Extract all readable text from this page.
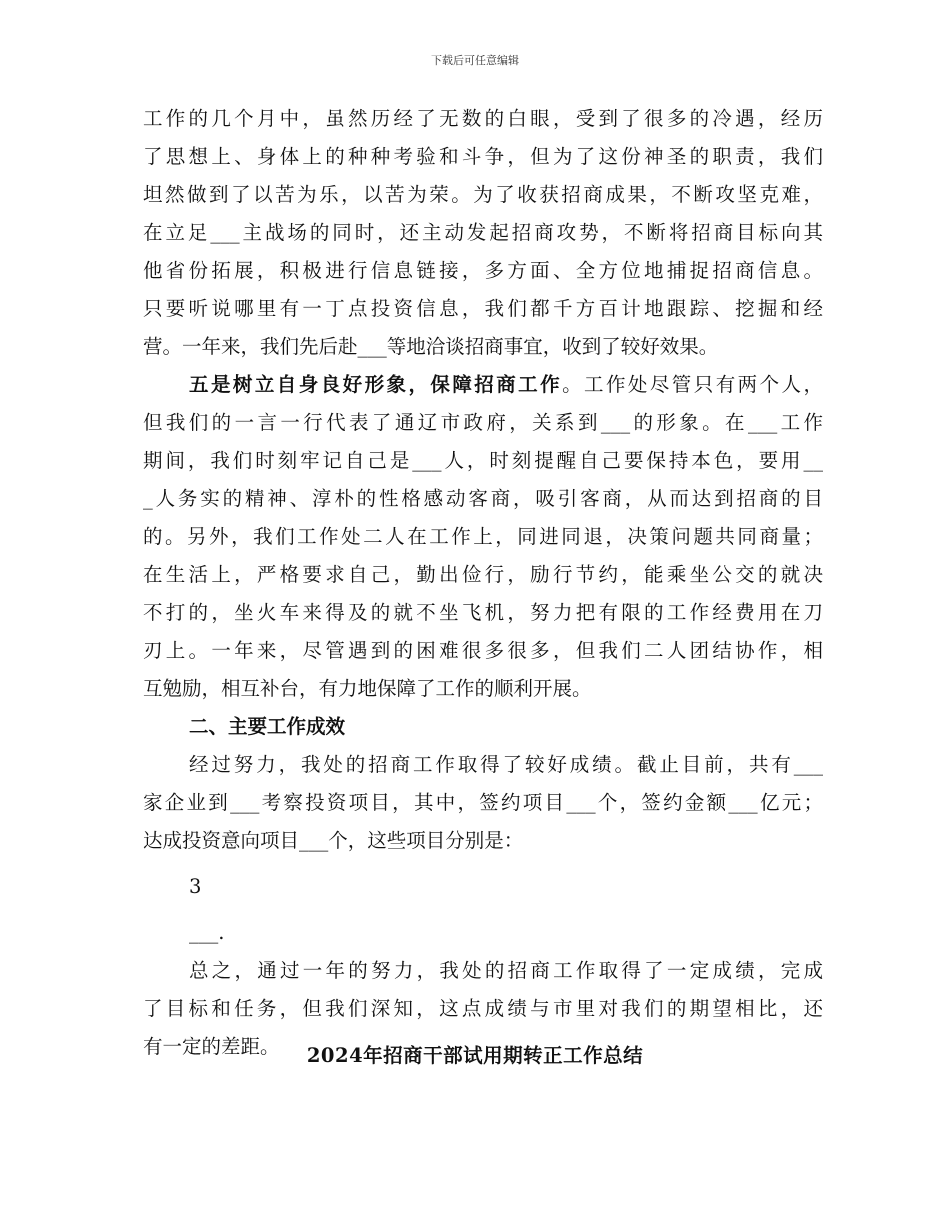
下载后可任意编辑
工作的几个月中，虽然历经了无数的白眼，受到了很多的冷遇，经历
了思想上、身体上的种种考验和斗争，但为了这份神圣的职责，我们
坦然做到了以苦为乐，以苦为荣。为了收获招商成果，不断攻坚克难，
在立足___主战场的同时，还主动发起招商攻势，不断将招商目标向其
他省份拓展，积极进行信息链接，多方面、全方位地捕捉招商信息。
只要听说哪里有一丁点投资信息，我们都千方百计地跟踪、挖掘和经
营。一年来，我们先后赴___等地洽谈招商事宜，收到了较好效果。
五是树立自身良好形象，保障招商工作。工作处尽管只有两个人，
但我们的一言一行代表了通辽市政府，关系到___的形象。在___工作
期间，我们时刻牢记自己是___人，时刻提醒自己要保持本色，要用__
_人务实的精神、淳朴的性格感动客商，吸引客商，从而达到招商的目
的。另外，我们工作处二人在工作上，同进同退，决策问题共同商量；
在生活上，严格要求自己，勤出俭行，励行节约，能乘坐公交的就决
不打的，坐火车来得及的就不坐飞机，努力把有限的工作经费用在刀
刃上。一年来，尽管遇到的困难很多很多，但我们二人团结协作，相
互勉励，相互补台，有力地保障了工作的顺利开展。
二、主要工作成效
经过努力，我处的招商工作取得了较好成绩。截止目前，共有___
家企业到___考察投资项目，其中，签约项目___个，签约金额___亿元；
达成投资意向项目___个，这些项目分别是：
3
___.
总之，通过一年的努力，我处的招商工作取得了一定成绩，完成
了目标和任务，但我们深知，这点成绩与市里对我们的期望相比，还
有一定的差距。	2024年招商干部试用期转正工作总结
